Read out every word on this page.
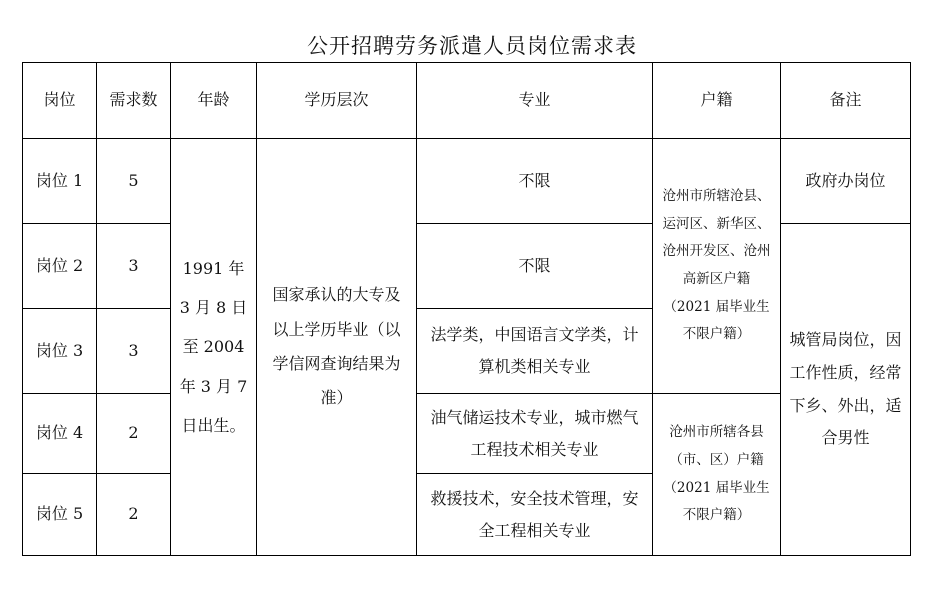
公开招聘劳务派遣人员岗位需求表
岗位	需求数	年龄	学历层次	专业	户籍	备注
岗位 1	5	1991 年 3 月 8 日至 2004 年 3 月 7 日出生。	国家承认的大专及以上学历毕业（以学信网查询结果为准）	不限	沧州市所辖沧县、运河区、新华区、沧州开发区、沧州高新区户籍（2021 届毕业生不限户籍）	政府办岗位
岗位 2	3			不限		城管局岗位，因工作性质，经常下乡、外出，适合男性
岗位 3	3			法学类，中国语言文学类，计算机类相关专业		
岗位 4	2			油气储运技术专业，城市燃气工程技术相关专业	沧州市所辖各县（市、区）户籍（2021 届毕业生不限户籍）	
岗位 5	2			救援技术，安全技术管理，安全工程相关专业		
